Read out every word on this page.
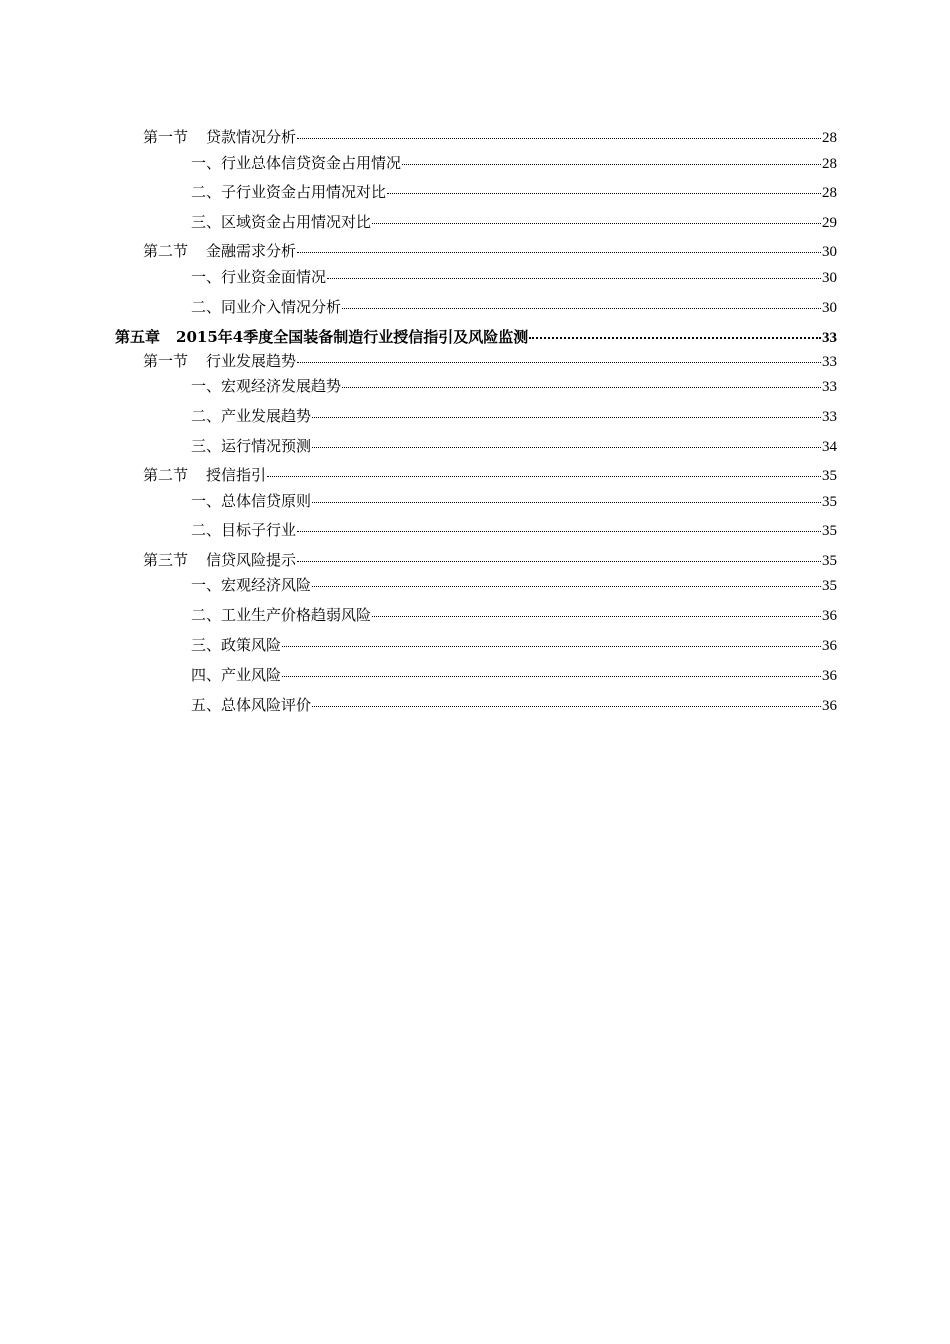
第一节 贷款情况分析	28
一、行业总体信贷资金占用情况	28
二、子行业资金占用情况对比	28
三、区域资金占用情况对比	29
第二节 金融需求分析	30
一、行业资金面情况	30
二、同业介入情况分析	30
第五章 2015年4季度全国装备制造行业授信指引及风险监测	33
第一节 行业发展趋势	33
一、宏观经济发展趋势	33
二、产业发展趋势	33
三、运行情况预测	34
第二节 授信指引	35
一、总体信贷原则	35
二、目标子行业	35
第三节 信贷风险提示	35
一、宏观经济风险	35
二、工业生产价格趋弱风险	36
三、政策风险	36
四、产业风险	36
五、总体风险评价	36
